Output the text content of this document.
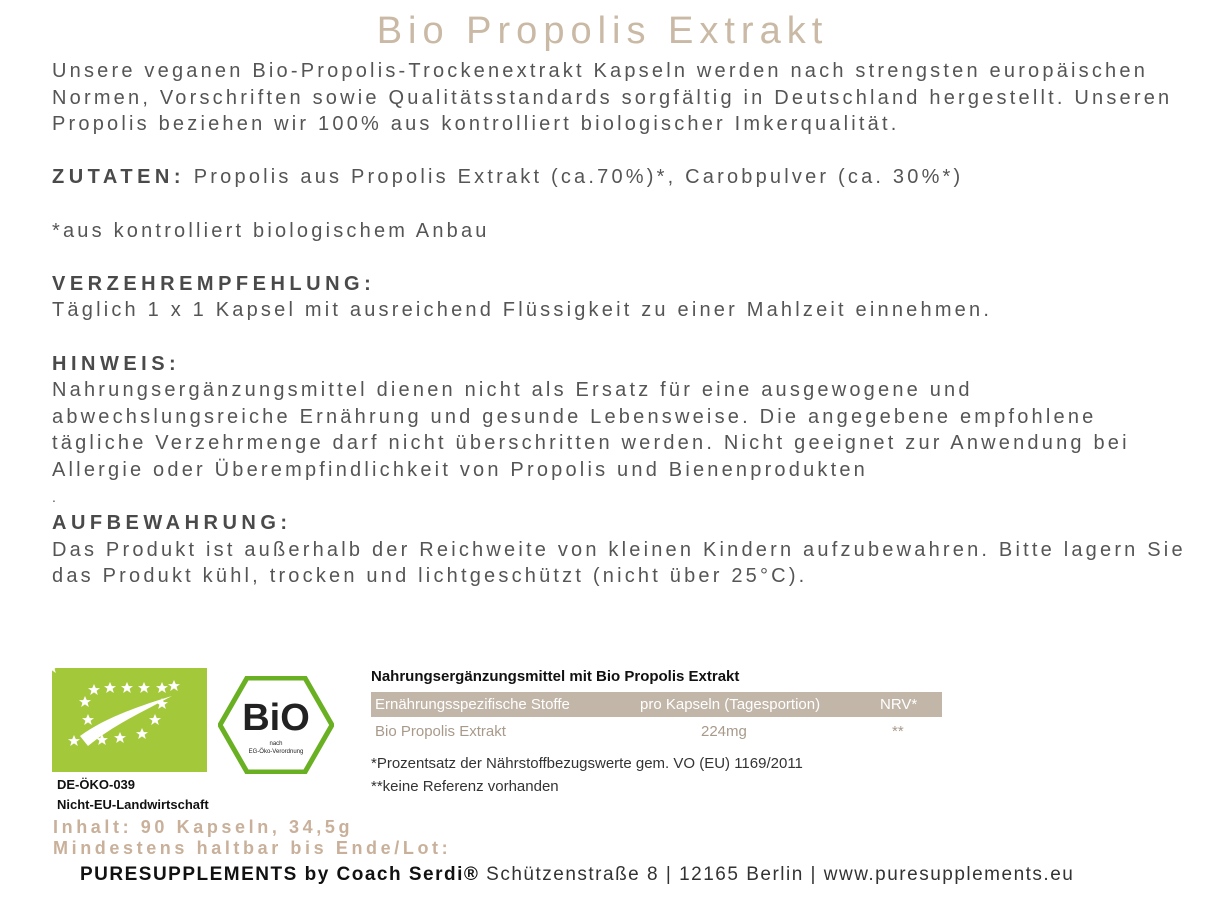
Bio Propolis Extrakt

Unsere veganen Bio-Propolis-Trockenextrakt Kapseln werden nach strengsten europäischen Normen, Vorschriften sowie Qualitätsstandards sorgfältig in Deutschland hergestellt. Unseren Propolis beziehen wir 100% aus kontrolliert biologischer Imkerqualität.

ZUTATEN: Propolis aus Propolis Extrakt (ca.70%)*, Carobpulver (ca. 30%*)

*aus kontrolliert biologischem Anbau

VERZEHREMPFEHLUNG:

Täglich 1 x 1 Kapsel mit ausreichend Flüssigkeit zu einer Mahlzeit einnehmen.

HINWEIS:

Nahrungsergänzungsmittel dienen nicht als Ersatz für eine ausgewogene und abwechslungsreiche Ernährung und gesunde Lebensweise. Die angegebene empfohlene tägliche Verzehrmenge darf nicht überschritten werden. Nicht geeignet zur Anwendung bei Allergie oder Überempfindlichkeit von Propolis und Bienenprodukten

.

AUFBEWAHRUNG:

Das Produkt ist außerhalb der Reichweite von kleinen Kindern aufzubewahren. Bitte lagern Sie das Produkt kühl, trocken und lichtgeschützt (nicht über 25°C).

BiO
nach
EG-Öko-Verordnung
DE-ÖKO-039
Nicht-EU-Landwirtschaft
Nahrungsergänzungsmittel mit Bio Propolis Extrakt
Ernährungsspezifische Stoffe	pro Kapseln (Tagesportion)	NRV*
Bio Propolis Extrakt	224mg	**
*Prozentsatz der Nährstoffbezugswerte gem. VO (EU) 1169/2011
**keine Referenz vorhanden
Inhalt: 90 Kapseln, 34,5g
Mindestens haltbar bis Ende/Lot:
PURESUPPLEMENTS by Coach Serdi® Schützenstraße 8 | 12165 Berlin | www.puresupplements.eu
